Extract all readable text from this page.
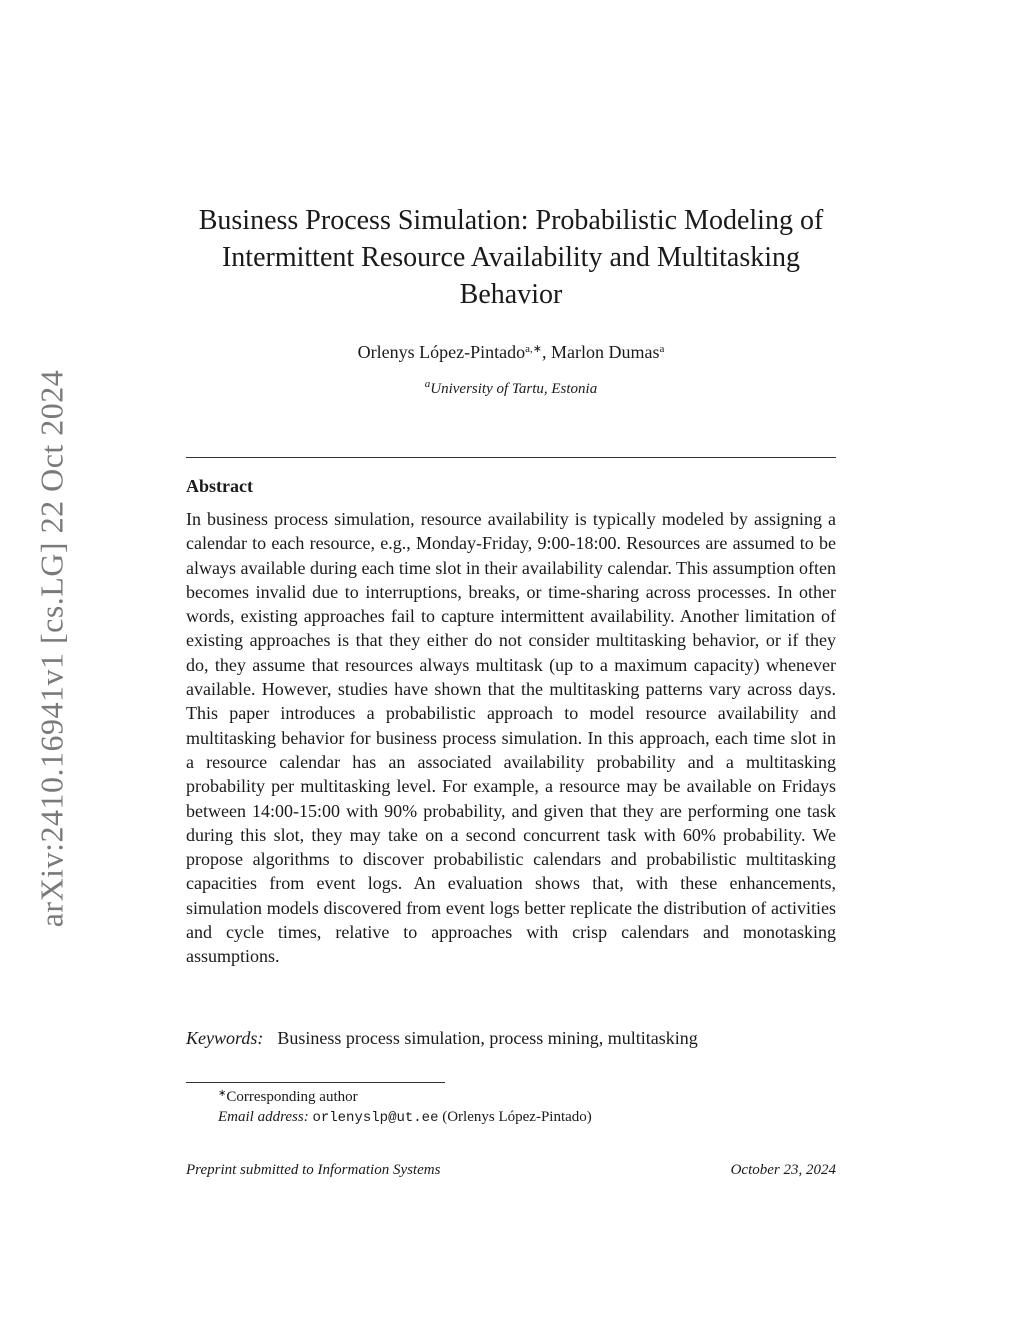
arXiv:2410.16941v1 [cs.LG] 22 Oct 2024
Business Process Simulation: Probabilistic Modeling of
Intermittent Resource Availability and Multitasking
Behavior
Orlenys López-Pintado$^{a,∗}$, Marlon Dumas$^a$
$^a$University of Tartu, Estonia
Abstract

In business process simulation, resource availability is typically modeled by assigning a calendar to each resource, e.g., Monday-Friday, 9:00-18:00. Resources are assumed to be always available during each time slot in their availability calendar. This assumption often becomes invalid due to interruptions, breaks, or time-sharing across processes. In other words, existing approaches fail to capture intermittent availability. Another limitation of existing approaches is that they either do not consider multitasking behavior, or if they do, they assume that resources always multitask (up to a maximum capacity) whenever available. However, studies have shown that the multitasking patterns vary across days. This paper introduces a probabilistic approach to model resource availability and multitasking behavior for business process simulation. In this approach, each time slot in a resource calendar has an associated availability probability and a multitasking probability per multitasking level. For example, a resource may be available on Fridays between 14:00-15:00 with 90% probability, and given that they are performing one task during this slot, they may take on a second concurrent task with 60% probability. We propose algorithms to discover probabilistic calendars and probabilistic multitasking capacities from event logs. An evaluation shows that, with these enhancements, simulation models discovered from event logs better replicate the distribution of activities and cycle times, relative to approaches with crisp calendars and monotasking assumptions.

Keywords: Business process simulation, process mining, multitasking
∗Corresponding author
Email address: orlenyslp@ut.ee (Orlenys López-Pintado)
Preprint submitted to Information Systems	October 23, 2024
